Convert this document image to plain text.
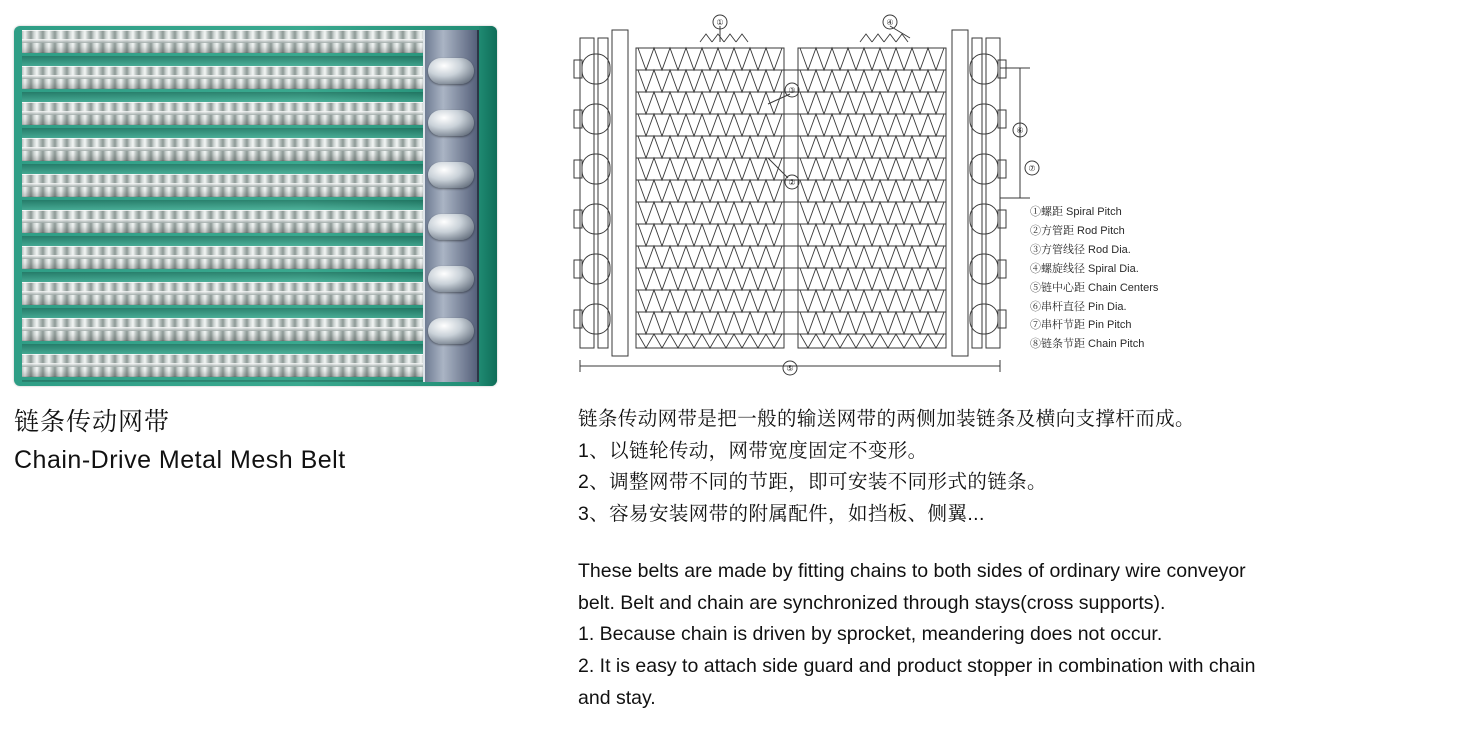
链条传动网带
Chain-Drive Metal Mesh Belt
①	④
③
②
⑥
⑦
⑤
①螺距 Spiral Pitch
②方管距 Rod Pitch
③方管线径 Rod Dia.
④螺旋线径 Spiral Dia.
⑤链中心距 Chain Centers
⑥串杆直径 Pin Dia.
⑦串杆节距 Pin Pitch
⑧链条节距 Chain Pitch

链条传动网带是把一般的输送网带的两侧加装链条及横向支撑杆而成。

1、以链轮传动，网带宽度固定不变形。

2、调整网带不同的节距，即可安装不同形式的链条。

3、容易安装网带的附属配件，如挡板、侧翼...

These belts are made by fitting chains to both sides of ordinary wire conveyor

belt. Belt and chain are synchronized through stays(cross supports).

1. Because chain is driven by sprocket, meandering does not occur.

2. It is easy to attach side guard and product stopper in combination with chain

and stay.
